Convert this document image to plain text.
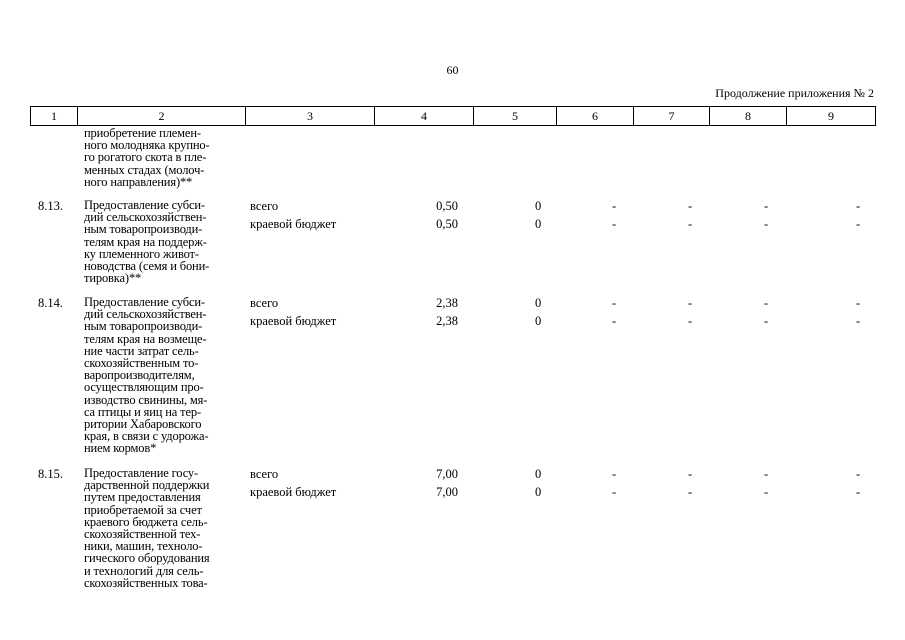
60
Продолжение приложения № 2
1	2	3	4	5	6	7	8	9
приобретение племен-
ного молодняка крупно-
го рогатого скота в пле-
менных стадах (молоч-
ного направления)**
8.13. Предоставление субси-
дий сельскохозяйствен-
ным товаропроизводи-
телям края на поддерж-
ку племенного живот-
новодства (семя и бони-
тировка)**
всего	0,50	0	-	-	-	-
краевой бюджет	0,50	0	-	-	-	-
8.14. Предоставление субси-
дий сельскохозяйствен-
ным товаропроизводи-
телям края на возмеще-
ние части затрат сель-
скохозяйственным то-
варопроизводителям,
осуществляющим про-
изводство свинины, мя-
са птицы и яиц на тер-
ритории Хабаровского
края, в связи с удорожа-
нием кормов*
всего	2,38	0	-	-	-	-
краевой бюджет	2,38	0	-	-	-	-
8.15. Предоставление госу-
дарственной поддержки
путем предоставления
приобретаемой за счет
краевого бюджета сель-
скохозяйственной тех-
ники, машин, техноло-
гического оборудования
и технологий для сель-
скохозяйственных това-
всего	7,00	0	-	-	-	-
краевой бюджет	7,00	0	-	-	-	-
